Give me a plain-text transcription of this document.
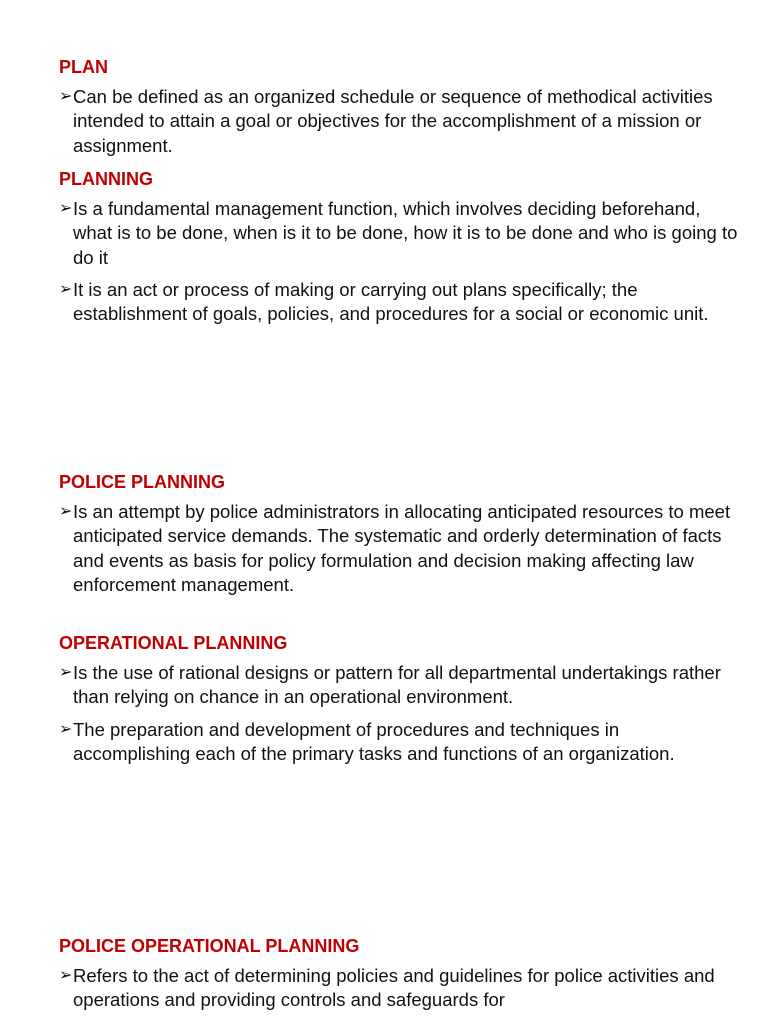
PLAN
➢
Can be defined as an organized schedule or sequence of methodical activities intended to attain a goal or objectives for the accomplishment of a mission or assignment.
PLANNING
➢
Is a fundamental management function, which involves deciding beforehand, what is to be done, when is it to be done, how it is to be done and who is going to do it
➢
It is an act or process of making or carrying out plans specifically; the establishment of goals, policies, and procedures for a social or economic unit.
POLICE PLANNING
➢
Is an attempt by police administrators in allocating anticipated resources to meet anticipated service demands. The systematic and orderly determination of facts and events as basis for policy formulation and decision making affecting law enforcement management.
OPERATIONAL PLANNING
➢
Is the use of rational designs or pattern for all departmental undertakings rather than relying on chance in an operational environment.
➢
The preparation and development of procedures and techniques in accomplishing each of the primary tasks and functions of an organization.
POLICE OPERATIONAL PLANNING
➢
Refers to the act of determining policies and guidelines for police activities and operations and providing controls and safeguards for
